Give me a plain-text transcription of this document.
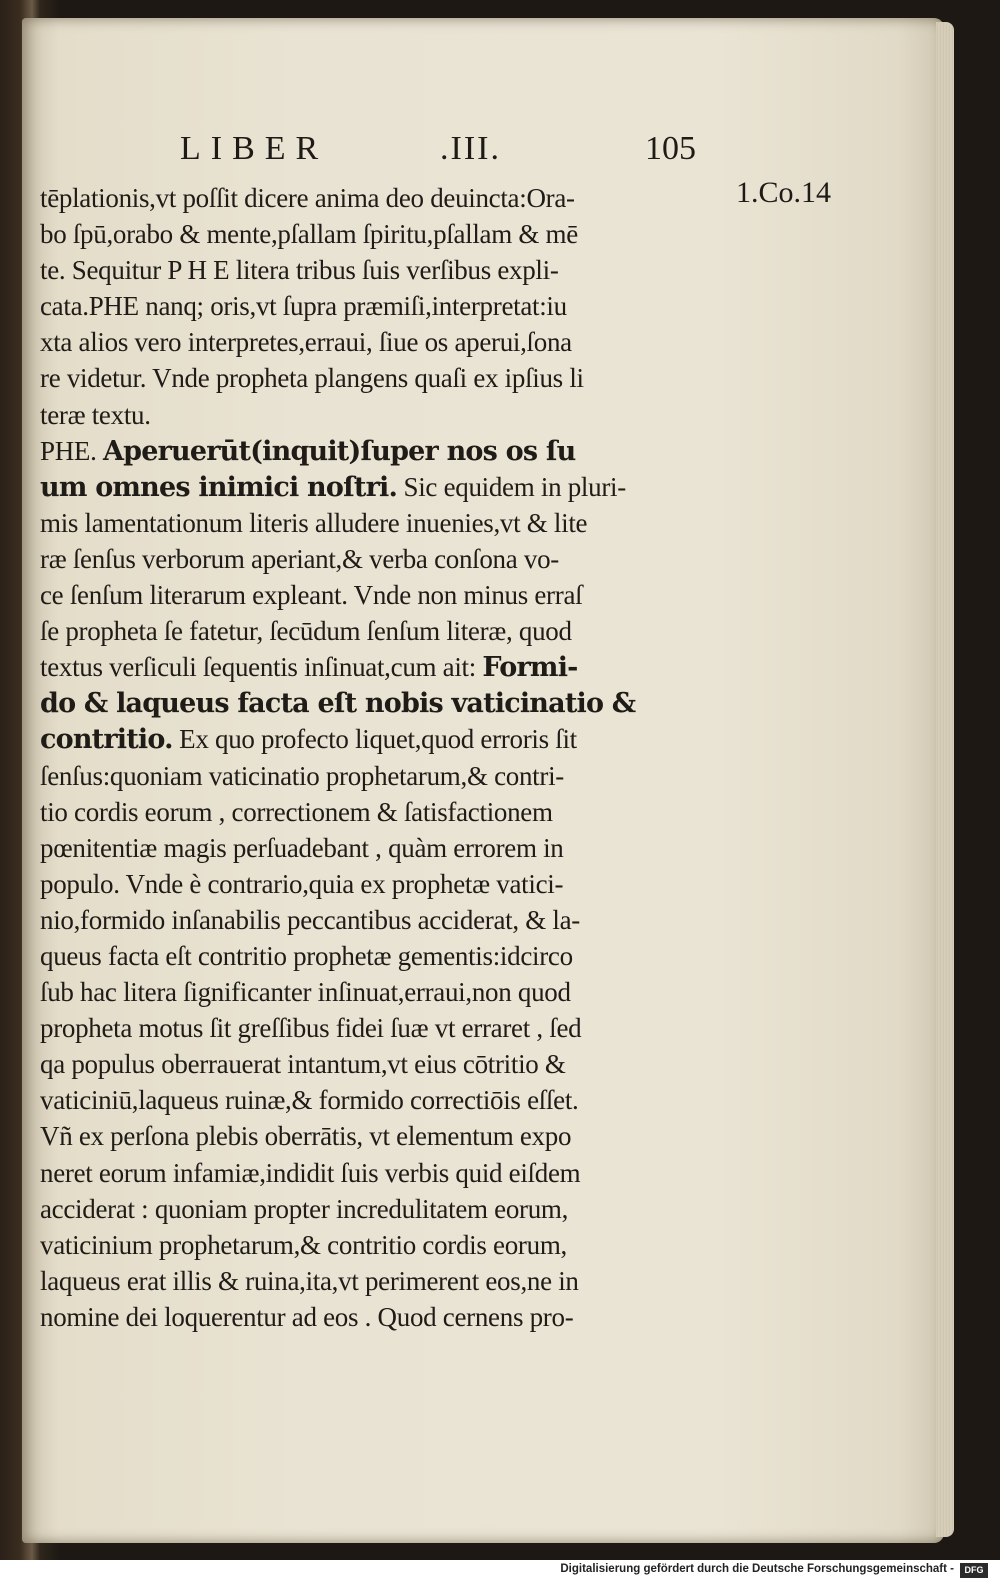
LIBER	.III.	105
1.Co.14
tēplationis,vt poſſit dicere anima deo deuincta:Ora-
bo ſpū,orabo & mente,pſallam ſpiritu,pſallam & mē
te. Sequitur P H E litera tribus ſuis verſibus expli-
cata.PHE nanq; oris,vt ſupra præmiſi,interpretat:iu
xta alios vero interpretes,erraui, ſiue os aperui,ſona
re videtur. Vnde propheta plangens quaſi ex ipſius li
teræ textu.
PHE. Aperuerūt(inquit)ſuper nos os ſu
um omnes inimici noſtri. Sic equidem in pluri-
mis lamentationum literis alludere inuenies,vt & lite
ræ ſenſus verborum aperiant,& verba conſona vo-
ce ſenſum literarum expleant. Vnde non minus erraſ
ſe propheta ſe fatetur, ſecūdum ſenſum literæ, quod
textus verſiculi ſequentis inſinuat,cum ait: Formi-
do & laqueus facta eſt nobis vaticinatio &
contritio. Ex quo profecto liquet,quod erroris ſit
ſenſus:quoniam vaticinatio prophetarum,& contri-
tio cordis eorum , correctionem & ſatisfactionem
pœnitentiæ magis perſuadebant , quàm errorem in
populo. Vnde è contrario,quia ex prophetæ vatici-
nio,formido inſanabilis peccantibus acciderat, & la-
queus facta eſt contritio prophetæ gementis:idcirco
ſub hac litera ſignificanter inſinuat,erraui,non quod
propheta motus ſit greſſibus fidei ſuæ vt erraret , ſed
qa populus oberrauerat intantum,vt eius cōtritio &
vaticiniū,laqueus ruinæ,& formido correctiōis eſſet.
Vñ ex perſona plebis oberrātis, vt elementum expo
neret eorum infamiæ,indidit ſuis verbis quid eiſdem
acciderat : quoniam propter incredulitatem eorum,
vaticinium prophetarum,& contritio cordis eorum,
laqueus erat illis & ruina,ita,vt perimerent eos,ne in
nomine dei loquerentur ad eos . Quod cernens pro-
Digitalisierung gefördert durch die Deutsche Forschungsgemeinschaft -	DFG
